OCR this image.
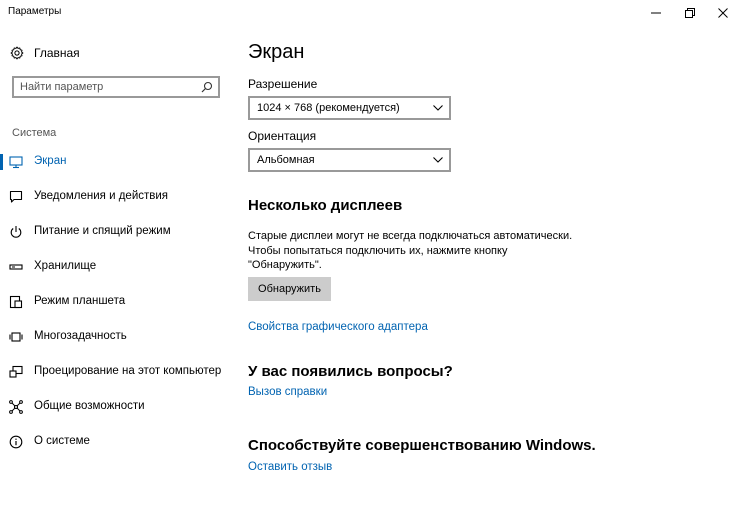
Параметры
Главная
Найти параметр
Система
Экран
Уведомления и действия
Питание и спящий режим
Хранилище
Режим планшета
Многозадачность
Проецирование на этот компьютер
Общие возможности
О системе
Экран
Разрешение
1024 × 768 (рекомендуется)
Ориентация
Альбомная
Несколько дисплеев
Старые дисплеи могут не всегда подключаться автоматически.
Чтобы попытаться подключить их, нажмите кнопку
"Обнаружить".
Обнаружить
Свойства графического адаптера
У вас появились вопросы?
Вызов справки
Способствуйте совершенствованию Windows.
Оставить отзыв
